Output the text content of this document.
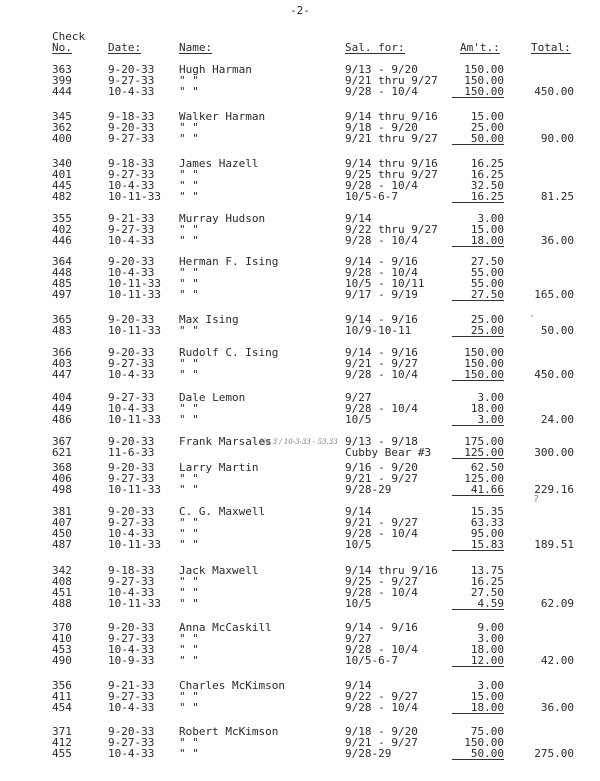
-2-
Check
No.	Date:	Name:	Sal. for:	Am't.:	Total:
363	9-20-33 Hugh Harman	9/13 - 9/20	150.00
399	9-27-33 " "	9/21 thru 9/27	150.00
444	10-4-33 " "	9/28 - 10/4	150.00	450.00
345	9-18-33 Walker Harman	9/14 thru 9/16	15.00
362	9-20-33 " "	9/18 - 9/20	25.00
400	9-27-33 " "	9/21 thru 9/27	50.00	90.00
340	9-18-33 James Hazell	9/14 thru 9/16	16.25
401	9-27-33 " "	9/25 thru 9/27	16.25
445	10-4-33 " "	9/28 - 10/4	32.50
482	10-11-33 " "	10/5-6-7	16.25	81.25
355	9-21-33 Murray Hudson	9/14	3.00
402	9-27-33 " "	9/22 thru 9/27	15.00
446	10-4-33 " "	9/28 - 10/4	18.00	36.00
364	9-20-33 Herman F. Ising	9/14 - 9/16	27.50
448	10-4-33 " "	9/28 - 10/4	55.00
485	10-11-33 " "	10/5 - 10/11	55.00
497	10-11-33 " "	9/17 - 9/19	27.50	165.00
365	9-20-33 Max Ising	9/14 - 9/16	25.00
483	10-11-33 " "	10/9-10-11	25.00	50.00
366	9-20-33 Rudolf C. Ising	9/14 - 9/16	150.00
403	9-27-33 " "	9/21 - 9/27	150.00
447	10-4-33 " "	9/28 - 10/4	150.00	450.00
404	9-27-33 Dale Lemon	9/27	3.00
449	10-4-33 " "	9/28 - 10/4	18.00
486	10-11-33 " "	10/5	3.00	24.00
367	9-20-33 Frank Marsales	9/13 - 9/18	175.00
621	11-6-33	Cubby Bear #3	125.00	300.00
368	9-20-33 Larry Martin	9/16 - 9/20	62.50
406	9-27-33 " "	9/21 - 9/27	125.00
498	10-11-33 " "	9/28-29	41.66	229.16
381	9-20-33 C. G. Maxwell	9/14	15.35
407	9-27-33 " "	9/21 - 9/27	63.33
450	10-4-33 " "	9/28 - 10/4	95.00
487	10-11-33 " "	10/5	15.83	189.51
342	9-18-33 Jack Maxwell	9/14 thru 9/16	13.75
408	9-27-33 " "	9/25 - 9/27	16.25
451	10-4-33 " "	9/28 - 10/4	27.50
488	10-11-33 " "	10/5	4.59	62.09
370	9-20-33 Anna McCaskill	9/14 - 9/16	9.00
410	9-27-33 " "	9/27	3.00
453	10-4-33 " "	9/28 - 10/4	18.00
490	10-9-33 " "	10/5-6-7	12.00	42.00
356	9-21-33 Charles McKimson	9/14	3.00
411	9-27-33 " "	9/22 - 9/27	15.00
454	10-4-33 " "	9/28 - 10/4	18.00	36.00
371	9-20-33 Robert McKimson	9/18 - 9/20	75.00
412	9-27-33 " "	9/21 - 9/27	150.00
455	10-4-33 " "	9/28-29	50.00	275.00
No 3 / 10-3-33 - 53.33
·
?
